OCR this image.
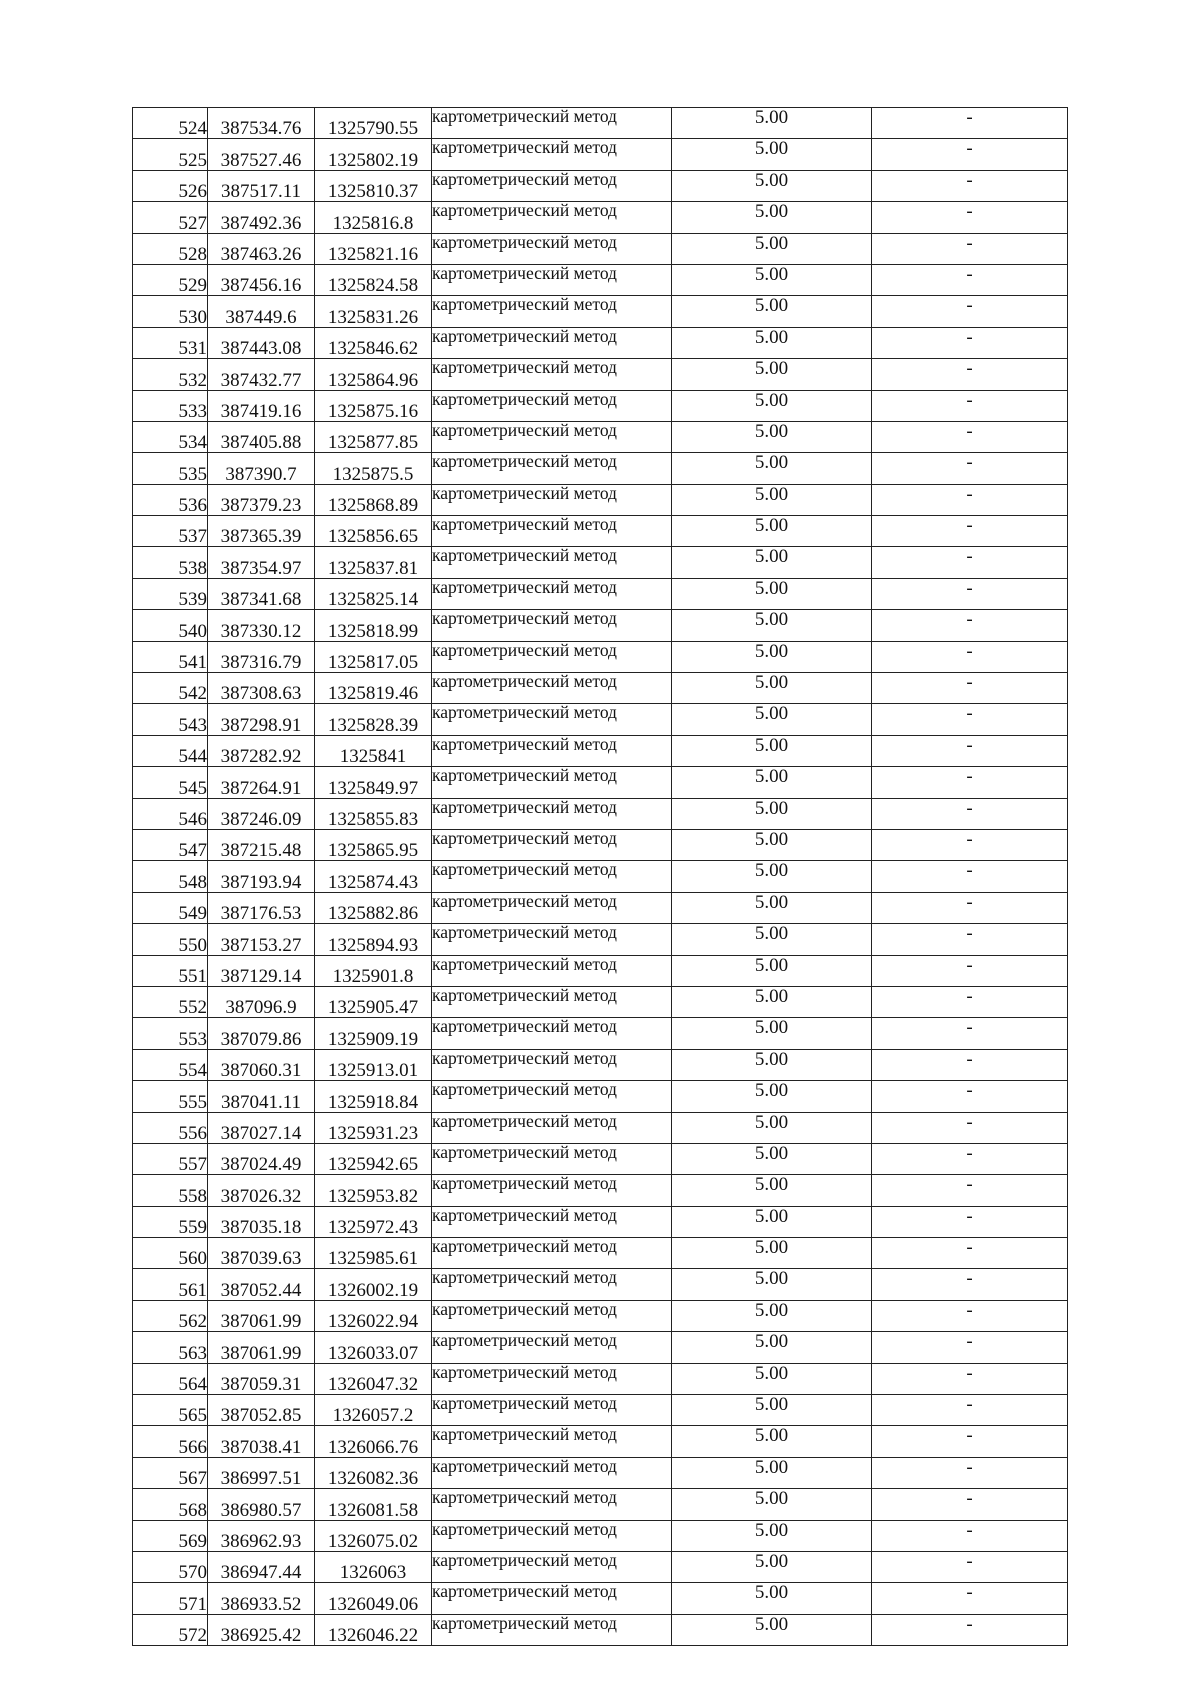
524	387534.76	1325790.55	картометрический метод	5.00	-
525	387527.46	1325802.19	картометрический метод	5.00	-
526	387517.11	1325810.37	картометрический метод	5.00	-
527	387492.36	1325816.8	картометрический метод	5.00	-
528	387463.26	1325821.16	картометрический метод	5.00	-
529	387456.16	1325824.58	картометрический метод	5.00	-
530	387449.6	1325831.26	картометрический метод	5.00	-
531	387443.08	1325846.62	картометрический метод	5.00	-
532	387432.77	1325864.96	картометрический метод	5.00	-
533	387419.16	1325875.16	картометрический метод	5.00	-
534	387405.88	1325877.85	картометрический метод	5.00	-
535	387390.7	1325875.5	картометрический метод	5.00	-
536	387379.23	1325868.89	картометрический метод	5.00	-
537	387365.39	1325856.65	картометрический метод	5.00	-
538	387354.97	1325837.81	картометрический метод	5.00	-
539	387341.68	1325825.14	картометрический метод	5.00	-
540	387330.12	1325818.99	картометрический метод	5.00	-
541	387316.79	1325817.05	картометрический метод	5.00	-
542	387308.63	1325819.46	картометрический метод	5.00	-
543	387298.91	1325828.39	картометрический метод	5.00	-
544	387282.92	1325841	картометрический метод	5.00	-
545	387264.91	1325849.97	картометрический метод	5.00	-
546	387246.09	1325855.83	картометрический метод	5.00	-
547	387215.48	1325865.95	картометрический метод	5.00	-
548	387193.94	1325874.43	картометрический метод	5.00	-
549	387176.53	1325882.86	картометрический метод	5.00	-
550	387153.27	1325894.93	картометрический метод	5.00	-
551	387129.14	1325901.8	картометрический метод	5.00	-
552	387096.9	1325905.47	картометрический метод	5.00	-
553	387079.86	1325909.19	картометрический метод	5.00	-
554	387060.31	1325913.01	картометрический метод	5.00	-
555	387041.11	1325918.84	картометрический метод	5.00	-
556	387027.14	1325931.23	картометрический метод	5.00	-
557	387024.49	1325942.65	картометрический метод	5.00	-
558	387026.32	1325953.82	картометрический метод	5.00	-
559	387035.18	1325972.43	картометрический метод	5.00	-
560	387039.63	1325985.61	картометрический метод	5.00	-
561	387052.44	1326002.19	картометрический метод	5.00	-
562	387061.99	1326022.94	картометрический метод	5.00	-
563	387061.99	1326033.07	картометрический метод	5.00	-
564	387059.31	1326047.32	картометрический метод	5.00	-
565	387052.85	1326057.2	картометрический метод	5.00	-
566	387038.41	1326066.76	картометрический метод	5.00	-
567	386997.51	1326082.36	картометрический метод	5.00	-
568	386980.57	1326081.58	картометрический метод	5.00	-
569	386962.93	1326075.02	картометрический метод	5.00	-
570	386947.44	1326063	картометрический метод	5.00	-
571	386933.52	1326049.06	картометрический метод	5.00	-
572	386925.42	1326046.22	картометрический метод	5.00	-
